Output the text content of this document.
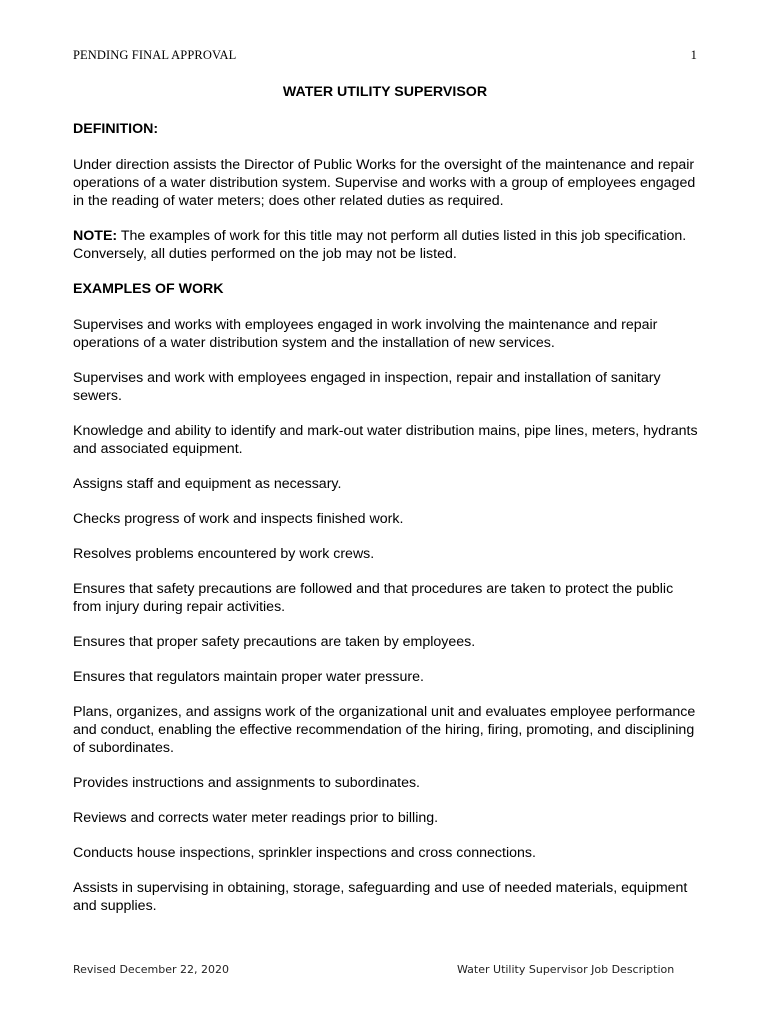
PENDING FINAL APPROVAL	1
WATER UTILITY SUPERVISOR
DEFINITION:

Under direction assists the Director of Public Works for the oversight of the maintenance and repair operations of a water distribution system. Supervise and works with a group of employees engaged in the reading of water meters; does other related duties as required.

NOTE: The examples of work for this title may not perform all duties listed in this job specification. Conversely, all duties performed on the job may not be listed.

EXAMPLES OF WORK

Supervises and works with employees engaged in work involving the maintenance and repair operations of a water distribution system and the installation of new services.

Supervises and work with employees engaged in inspection, repair and installation of sanitary sewers.

Knowledge and ability to identify and mark-out water distribution mains, pipe lines, meters, hydrants and associated equipment.

Assigns staff and equipment as necessary.

Checks progress of work and inspects finished work.

Resolves problems encountered by work crews.

Ensures that safety precautions are followed and that procedures are taken to protect the public from injury during repair activities.

Ensures that proper safety precautions are taken by employees.

Ensures that regulators maintain proper water pressure.

Plans, organizes, and assigns work of the organizational unit and evaluates employee performance and conduct, enabling the effective recommendation of the hiring, firing, promoting, and disciplining of subordinates.

Provides instructions and assignments to subordinates.

Reviews and corrects water meter readings prior to billing.

Conducts house inspections, sprinkler inspections and cross connections.

Assists in supervising in obtaining, storage, safeguarding and use of needed materials, equipment and supplies.

Revised December 22, 2020	Water Utility Supervisor Job Description
